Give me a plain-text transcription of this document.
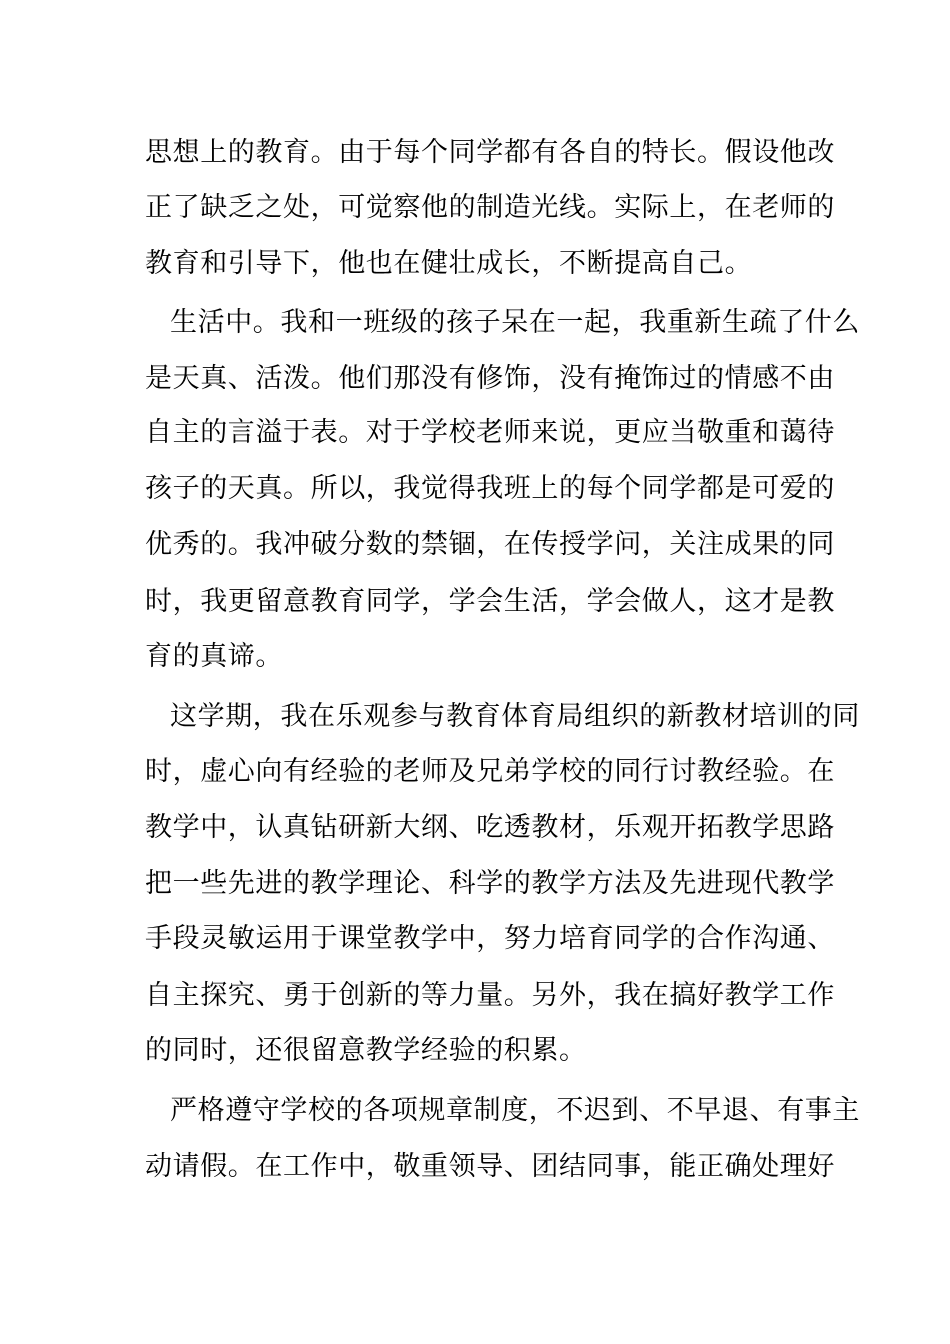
思想上的教育。由于每个同学都有各自的特长。假设他改
正了缺乏之处，可觉察他的制造光线。实际上，在老师的
教育和引导下，他也在健壮成长，不断提高自己。
生活中。我和一班级的孩子呆在一起，我重新生疏了什么
是天真、活泼。他们那没有修饰，没有掩饰过的情感不由
自主的言溢于表。对于学校老师来说，更应当敬重和蔼待
孩子的天真。所以，我觉得我班上的每个同学都是可爱的
优秀的。我冲破分数的禁锢，在传授学问，关注成果的同
时，我更留意教育同学，学会生活，学会做人，这才是教
育的真谛。
这学期，我在乐观参与教育体育局组织的新教材培训的同
时，虚心向有经验的老师及兄弟学校的同行讨教经验。在
教学中，认真钻研新大纲、吃透教材，乐观开拓教学思路
把一些先进的教学理论、科学的教学方法及先进现代教学
手段灵敏运用于课堂教学中，努力培育同学的合作沟通、
自主探究、勇于创新的等力量。另外，我在搞好教学工作
的同时，还很留意教学经验的积累。
严格遵守学校的各项规章制度，不迟到、不早退、有事主
动请假。在工作中，敬重领导、团结同事，能正确处理好
